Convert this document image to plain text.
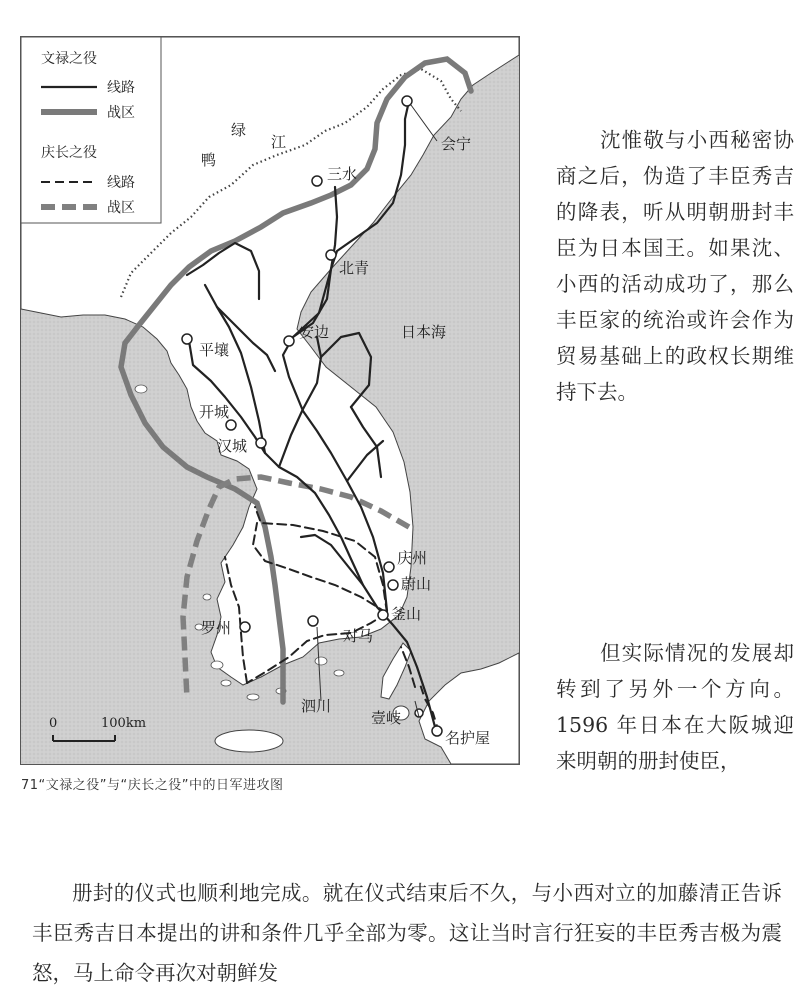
文禄之役
线路
战区
庆长之役
线路
战区
绿
鸭
江	会宁
三水
北青
安边	日本海
平壤
开城
汉城
庆州
蔚山
釜山
罗州	对马
泗川
壹岐
名护屋
0	100km
71“文禄之役”与“庆长之役”中的日军进攻图
沈惟敬与小西秘密协商之后，伪造了丰臣秀吉的降表，听从明朝册封丰臣为日本国王。如果沈、小西的活动成功了，那么丰臣家的统治或许会作为贸易基础上的政权长期维持下去。
但实际情况的发展却转到了另外一个方向。1596 年日本在大阪城迎来明朝的册封使臣，
册封的仪式也顺利地完成。就在仪式结束后不久，与小西对立的加藤清正告诉丰臣秀吉日本提出的讲和条件几乎全部为零。这让当时言行狂妄的丰臣秀吉极为震怒，马上命令再次对朝鲜发
